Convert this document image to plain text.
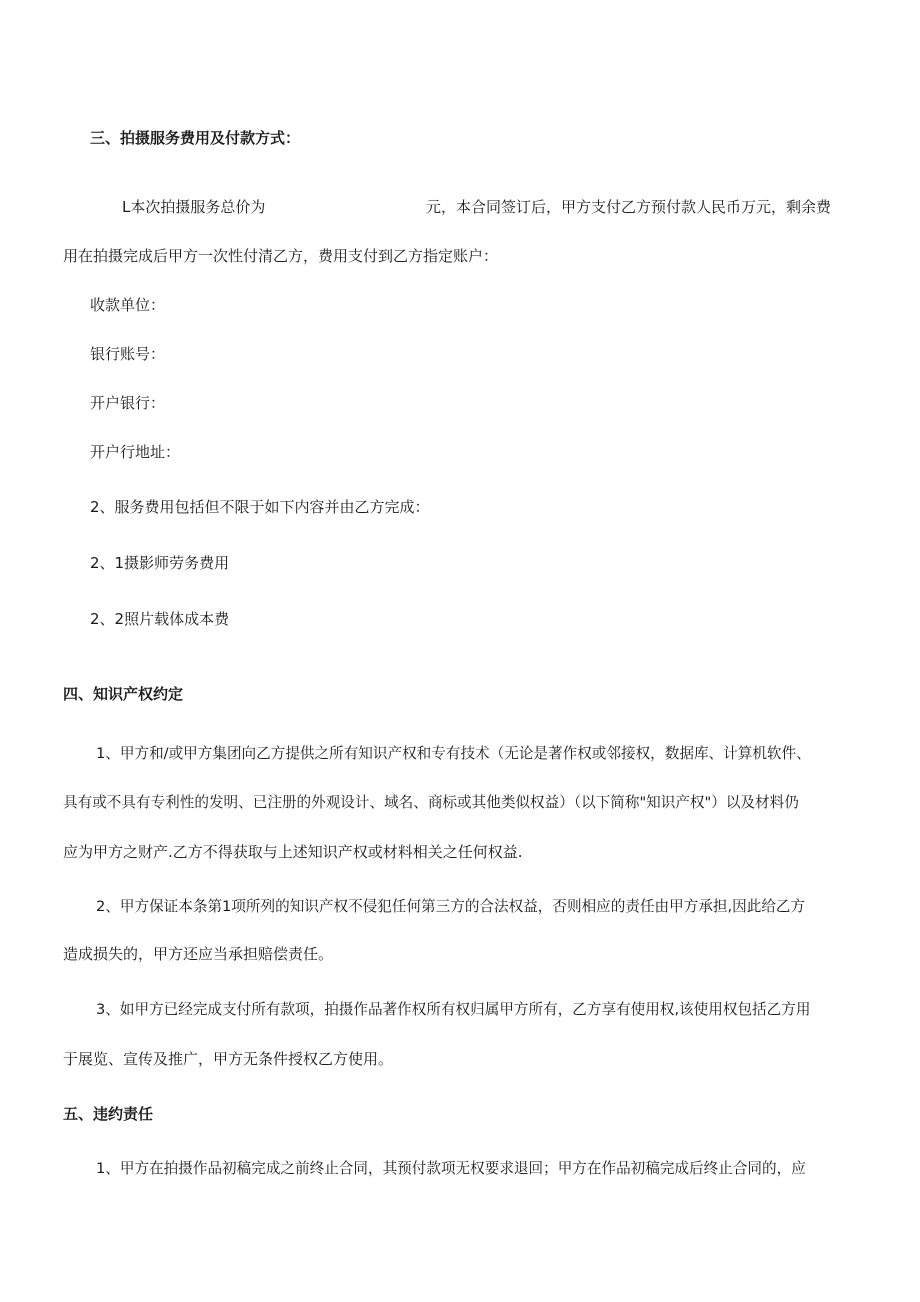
三、拍摄服务费用及付款方式：

L本次拍摄服务总价为	元，本合同签订后，甲方支付乙方预付款人民币万元，剩余费

用在拍摄完成后甲方一次性付清乙方，费用支付到乙方指定账户：

收款单位：

银行账号：

开户银行：

开户行地址：

2、服务费用包括但不限于如下内容并由乙方完成：

2、1摄影师劳务费用

2、2照片载体成本费

四、知识产权约定

1、甲方和/或甲方集团向乙方提供之所有知识产权和专有技术（无论是著作权或邻接权，数据库、计算机软件、

具有或不具有专利性的发明、已注册的外观设计、域名、商标或其他类似权益）（以下简称"知识产权"）以及材料仍

应为甲方之财产.乙方不得获取与上述知识产权或材料相关之任何权益.

2、甲方保证本条第1项所列的知识产权不侵犯任何第三方的合法权益，否则相应的责任由甲方承担,因此给乙方

造成损失的，甲方还应当承担赔偿责任。

3、如甲方已经完成支付所有款项，拍摄作品著作权所有权归属甲方所有，乙方享有使用权,该使用权包括乙方用

于展览、宣传及推广，甲方无条件授权乙方使用。

五、违约责任

1、甲方在拍摄作品初稿完成之前终止合同，其预付款项无权要求退回；甲方在作品初稿完成后终止合同的，应
